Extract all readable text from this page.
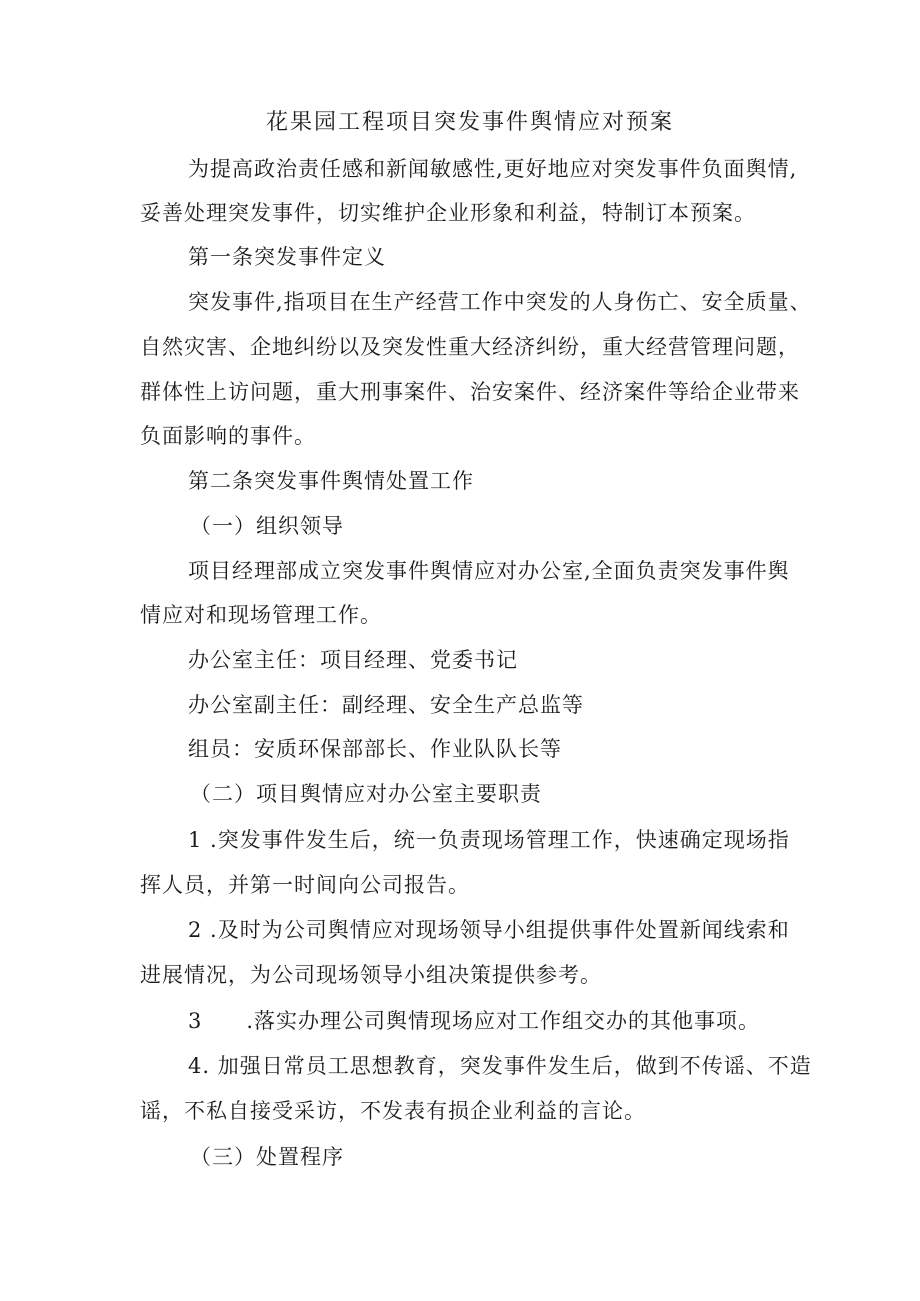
花果园工程项目突发事件舆情应对预案
为提高政治责任感和新闻敏感性,更好地应对突发事件负面舆情,
妥善处理突发事件，切实维护企业形象和利益，特制订本预案。
第一条突发事件定义
突发事件,指项目在生产经营工作中突发的人身伤亡、安全质量、
自然灾害、企地纠纷以及突发性重大经济纠纷，重大经营管理问题，
群体性上访问题，重大刑事案件、治安案件、经济案件等给企业带来
负面影响的事件。
第二条突发事件舆情处置工作
（一）组织领导
项目经理部成立突发事件舆情应对办公室,全面负责突发事件舆
情应对和现场管理工作。
办公室主任：项目经理、党委书记
办公室副主任：副经理、安全生产总监等
组员：安质环保部部长、作业队队长等
（二）项目舆情应对办公室主要职责
1 .突发事件发生后，统一负责现场管理工作，快速确定现场指
挥人员，并第一时间向公司报告。
2 .及时为公司舆情应对现场领导小组提供事件处置新闻线索和
进展情况，为公司现场领导小组决策提供参考。
3 .落实办理公司舆情现场应对工作组交办的其他事项。
4. 加强日常员工思想教育，突发事件发生后，做到不传谣、不造
谣，不私自接受采访，不发表有损企业利益的言论。
（三）处置程序
